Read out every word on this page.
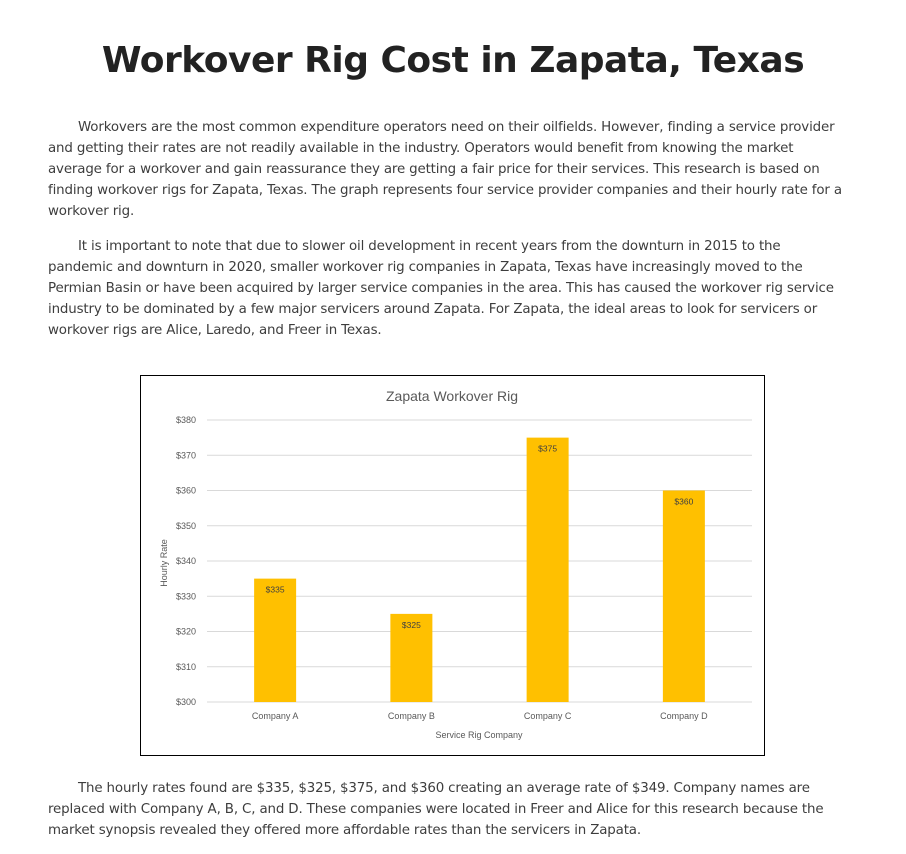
Workover Rig Cost in Zapata, Texas

Workovers are the most common expenditure operators need on their oilfields. However, finding a service provider and getting their rates are not readily available in the industry. Operators would benefit from knowing the market average for a workover and gain reassurance they are getting a fair price for their services. This research is based on finding workover rigs for Zapata, Texas. The graph represents four service provider companies and their hourly rate for a workover rig.

It is important to note that due to slower oil development in recent years from the downturn in 2015 to the pandemic and downturn in 2020, smaller workover rig companies in Zapata, Texas have increasingly moved to the Permian Basin or have been acquired by larger service companies in the area. This has caused the workover rig service industry to be dominated by a few major servicers around Zapata. For Zapata, the ideal areas to look for servicers or workover rigs are Alice, Laredo, and Freer in Texas.

Zapata Workover Rig
$300
$310
$320
$330
$340
$350
$360
$370
$380
$335
Company A
$325
Company B
$375
Company C
$360
Company D
Service Rig Company
Hourly Rate

The hourly rates found are $335, $325, $375, and $360 creating an average rate of $349. Company names are replaced with Company A, B, C, and D. These companies were located in Freer and Alice for this research because the market synopsis revealed they offered more affordable rates than the servicers in Zapata.
